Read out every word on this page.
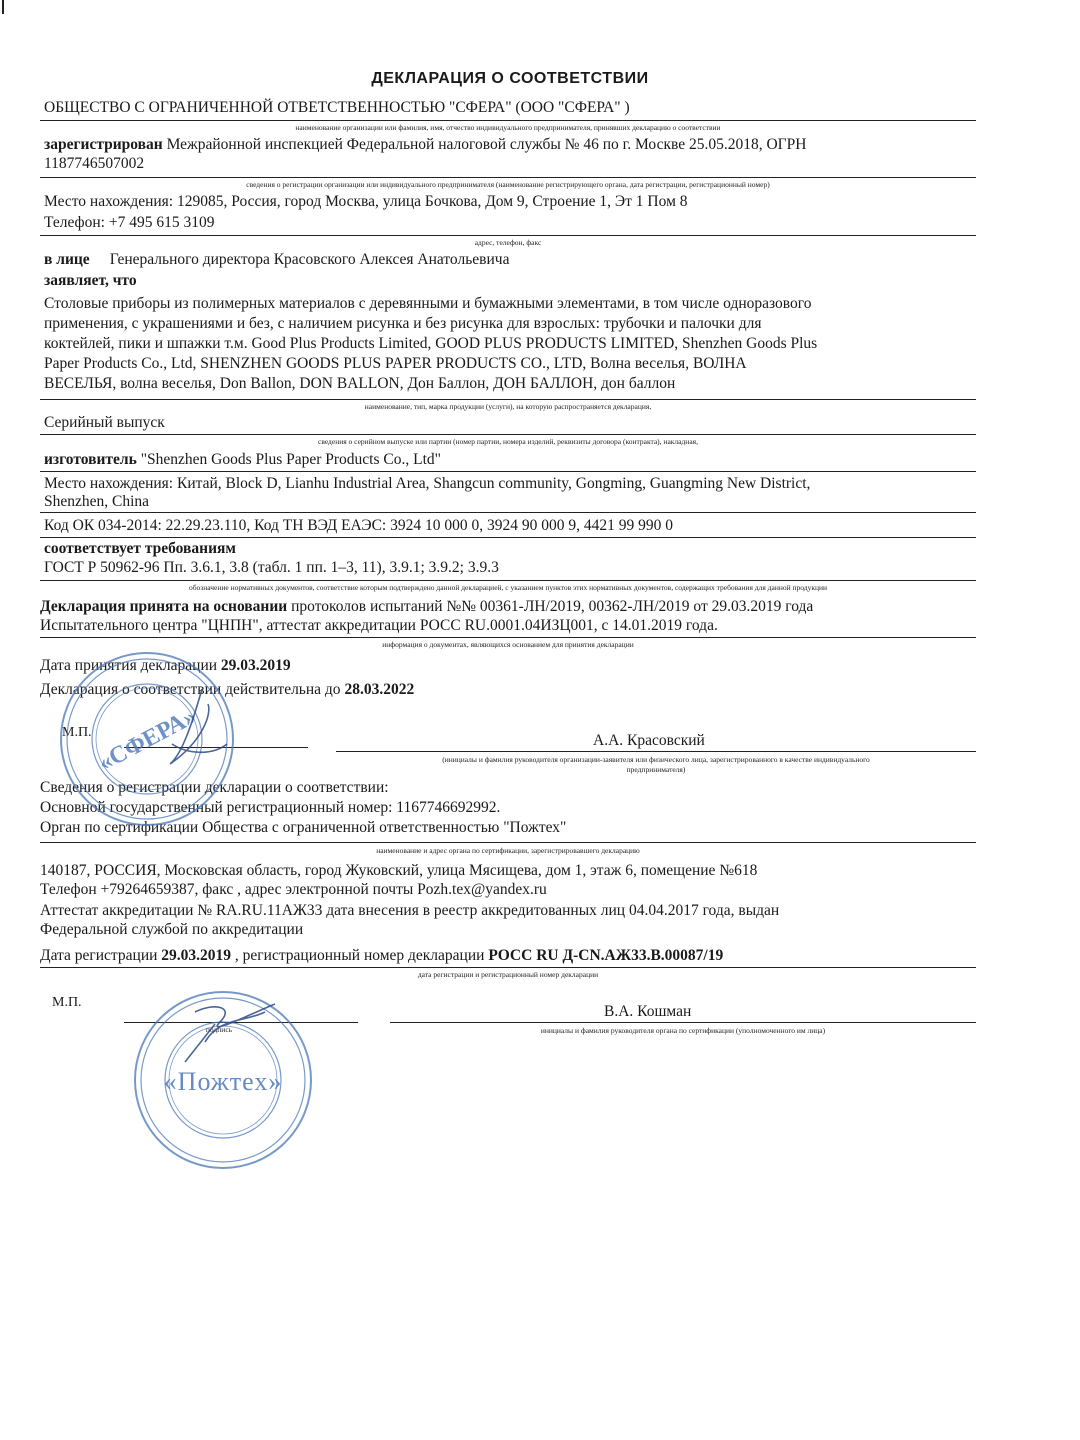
ДЕКЛАРАЦИЯ О СООТВЕТСТВИИ
ОБЩЕСТВО С ОГРАНИЧЕННОЙ ОТВЕТСТВЕННОСТЬЮ "СФЕРА" (ООО "СФЕРА" )
наименование организации или фамилия, имя, отчество индивидуального предпринимателя, принявших декларацию о соответствии
зарегистрирован Межрайонной инспекцией Федеральной налоговой службы № 46 по г. Москве 25.05.2018, ОГРН
1187746507002
сведения о регистрации организации или индивидуального предпринимателя (наименование регистрирующего органа, дата регистрации, регистрационный номер)
Место нахождения: 129085, Россия, город Москва, улица Бочкова, Дом 9, Строение 1, Эт 1 Пом 8
Телефон: +7 495 615 3109
адрес, телефон, факс
в лице Генерального директора Красовского Алексея Анатольевича
заявляет, что
Столовые приборы из полимерных материалов с деревянными и бумажными элементами, в том числе одноразового
применения, с украшениями и без, с наличием рисунка и без рисунка для взрослых: трубочки и палочки для
коктейлей, пики и шпажки т.м. Good Plus Products Limited, GOOD PLUS PRODUCTS LIMITED, Shenzhen Goods Plus
Paper Products Co., Ltd, SHENZHEN GOODS PLUS PAPER PRODUCTS CO., LTD, Волна веселья, ВОЛНА
ВЕСЕЛЬЯ, волна веселья, Don Ballon, DON BALLON, Дон Баллон, ДОН БАЛЛОН, дон баллон
наименование, тип, марка продукции (услуги), на которую распространяется декларация,
Серийный выпуск
сведения о серийном выпуске или партии (номер партии, номера изделий, реквизиты договора (контракта), накладная,
изготовитель "Shenzhen Goods Plus Paper Products Co., Ltd"
Место нахождения: Китай, Block D, Lianhu Industrial Area, Shangcun community, Gongming, Guangming New District,
Shenzhen, China
Код ОК 034-2014: 22.29.23.110, Код ТН ВЭД ЕАЭС: 3924 10 000 0, 3924 90 000 9, 4421 99 990 0
соответствует требованиям
ГОСТ Р 50962-96 Пп. 3.6.1, 3.8 (табл. 1 пп. 1–3, 11), 3.9.1; 3.9.2; 3.9.3
обозначение нормативных документов, соответствие которым подтверждено данной декларацией, с указанием пунктов этих нормативных документов, содержащих требования для данной продукции
Декларация принята на основании протоколов испытаний №№ 00361-ЛН/2019, 00362-ЛН/2019 от 29.03.2019 года
Испытательного центра "ЦНПН", аттестат аккредитации РОСС RU.0001.04ИЗЦ001, с 14.01.2019 года.
информация о документах, являющихся основанием для принятия декларации
Дата принятия декларации 29.03.2019
Декларация о соответствии действительна до 28.03.2022
М.П.	А.А. Красовский
(инициалы и фамилия руководителя организации-заявителя или физического лица, зарегистрированного в качестве индивидуального
предпринимателя)
Сведения о регистрации декларации о соответствии:
Основной государственный регистрационный номер: 1167746692992.
Орган по сертификации Общества с ограниченной ответственностью "Пожтех"
наименование и адрес органа по сертификации, зарегистрировавшего декларацию
140187, РОССИЯ, Московская область, город Жуковский, улица Мясищева, дом 1, этаж 6, помещение №618
Телефон +79264659387, факс , адрес электронной почты Pozh.tex@yandex.ru
Аттестат аккредитации № RA.RU.11АЖ33 дата внесения в реестр аккредитованных лиц 04.04.2017 года, выдан
Федеральной службой по аккредитации
Дата регистрации 29.03.2019 , регистрационный номер декларации РОСС RU Д-CN.АЖ33.В.00087/19
дата регистрации и регистрационный номер декларации
М.П.
подпись
В.А. Кошман
инициалы и фамилия руководителя органа по сертификации (уполномоченного им лица)
«СФЕРА»
«Пожтех»
